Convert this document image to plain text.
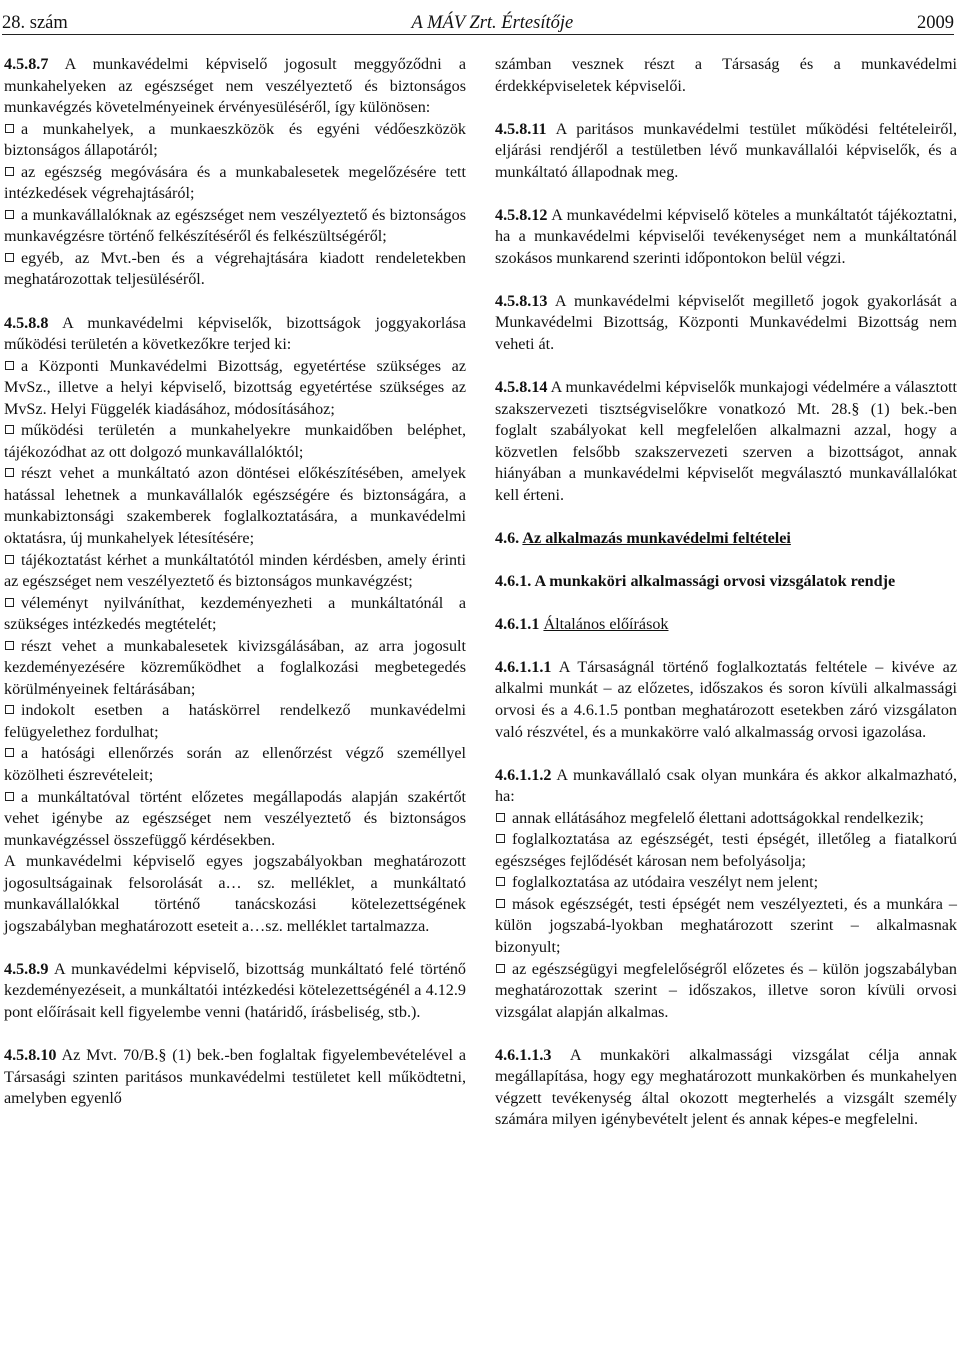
28. szám	A MÁV Zrt. Értesítője	2009

4.5.8.7 A munkavédelmi képviselő jogosult meggyőződni a munkahelyeken az egészséget nem veszélyeztető és biztonságos munkavégzés követelményeinek érvényesüléséről, így különösen:

a munkahelyek, a munkaeszközök és egyéni védőeszközök biztonságos állapotáról;

az egészség megóvására és a munkabalesetek megelőzésére tett intézkedések végrehajtásáról;

a munkavállalóknak az egészséget nem veszélyeztető és biztonságos munkavégzésre történő felkészítéséről és felkészültségéről;

egyéb, az Mvt.-ben és a végrehajtására kiadott rendeletekben meghatározottak teljesüléséről.

4.5.8.8 A munkavédelmi képviselők, bizottságok joggyakorlása működési területén a következőkre terjed ki:

a Központi Munkavédelmi Bizottság, egyetértése szükséges az MvSz., illetve a helyi képviselő, bizottság egyetértése szükséges az MvSz. Helyi Függelék kiadásához, módosításához;

működési területén a munkahelyekre munkaidőben beléphet, tájékozódhat az ott dolgozó munkavállalóktól;

részt vehet a munkáltató azon döntései előkészítésében, amelyek hatással lehetnek a munkavállalók egészségére és biztonságára, a munkabiztonsági szakemberek foglalkoztatására, a munkavédelmi oktatásra, új munkahelyek létesítésére;

tájékoztatást kérhet a munkáltatótól minden kérdésben, amely érinti az egészséget nem veszélyeztető és biztonságos munkavégzést;

véleményt nyilváníthat, kezdeményezheti a munkáltatónál a szükséges intézkedés megtételét;

részt vehet a munkabalesetek kivizsgálásában, az arra jogosult kezdeményezésére közreműködhet a foglalkozási megbetegedés körülményeinek feltárásában;

indokolt esetben a hatáskörrel rendelkező munkavédelmi felügyelethez fordulhat;

a hatósági ellenőrzés során az ellenőrzést végző személlyel közölheti észrevételeit;

a munkáltatóval történt előzetes megállapodás alapján szakértőt vehet igénybe az egészséget nem veszélyeztető és biztonságos munkavégzéssel összefüggő kérdésekben.

A munkavédelmi képviselő egyes jogszabályokban meghatározott jogosultságainak felsorolását a… sz. melléklet, a munkáltató munkavállalókkal történő tanácskozási kötelezettségének jogszabályban meghatározott eseteit a…sz. melléklet tartalmazza.

4.5.8.9 A munkavédelmi képviselő, bizottság munkáltató felé történő kezdeményezéseit, a munkáltatói intézkedési kötelezettségénél a 4.12.9 pont előírásait kell figyelembe venni (határidő, írásbeliség, stb.).

4.5.8.10 Az Mvt. 70/B.§ (1) bek.-ben foglaltak figyelembevételével a Társasági szinten paritásos munkavédelmi testületet kell működtetni, amelyben egyenlő

számban vesznek részt a Társaság és a munkavédelmi érdekképviseletek képviselői.

4.5.8.11 A paritásos munkavédelmi testület működési feltételeiről, eljárási rendjéről a testületben lévő munkavállalói képviselők, és a munkáltató állapodnak meg.

4.5.8.12 A munkavédelmi képviselő köteles a munkáltatót tájékoztatni, ha a munkavédelmi képviselői tevékenységet nem a munkáltatónál szokásos munkarend szerinti időpontokon belül végzi.

4.5.8.13 A munkavédelmi képviselőt megillető jogok gyakorlását a Munkavédelmi Bizottság, Központi Munkavédelmi Bizottság nem veheti át.

4.5.8.14 A munkavédelmi képviselők munkajogi védelmére a választott szakszervezeti tisztségviselőkre vonatkozó Mt. 28.§ (1) bek.-ben foglalt szabályokat kell megfelelően alkalmazni azzal, hogy a közvetlen felsőbb szakszervezeti szerven a bizottságot, annak hiányában a munkavédelmi képviselőt megválasztó munkavállalókat kell érteni.

4.6. Az alkalmazás munkavédelmi feltételei

4.6.1. A munkaköri alkalmassági orvosi vizsgálatok rendje

4.6.1.1 Általános előírások

4.6.1.1.1 A Társaságnál történő foglalkoztatás feltétele – kivéve az alkalmi munkát – az előzetes, időszakos és soron kívüli alkalmassági orvosi és a 4.6.1.5 pontban meghatározott esetekben záró vizsgálaton való részvétel, és a munkakörre való alkalmasság orvosi igazolása.

4.6.1.1.2 A munkavállaló csak olyan munkára és akkor alkalmazható, ha:

annak ellátásához megfelelő élettani adottságokkal rendelkezik;

foglalkoztatása az egészségét, testi épségét, illetőleg a fiatalkorú egészséges fejlődését károsan nem befolyásolja;

foglalkoztatása az utódaira veszélyt nem jelent;

mások egészségét, testi épségét nem veszélyezteti, és a munkára – külön jogszabá-lyokban meghatározott szerint – alkalmasnak bizonyult;

az egészségügyi megfelelőségről előzetes és – külön jogszabályban meghatározottak szerint – időszakos, illetve soron kívüli orvosi vizsgálat alapján alkalmas.

4.6.1.1.3 A munkaköri alkalmassági vizsgálat célja annak megállapítása, hogy egy meghatározott munkakörben és munkahelyen végzett tevékenység által okozott megterhelés a vizsgált személy számára milyen igénybevételt jelent és annak képes-e megfelelni.
